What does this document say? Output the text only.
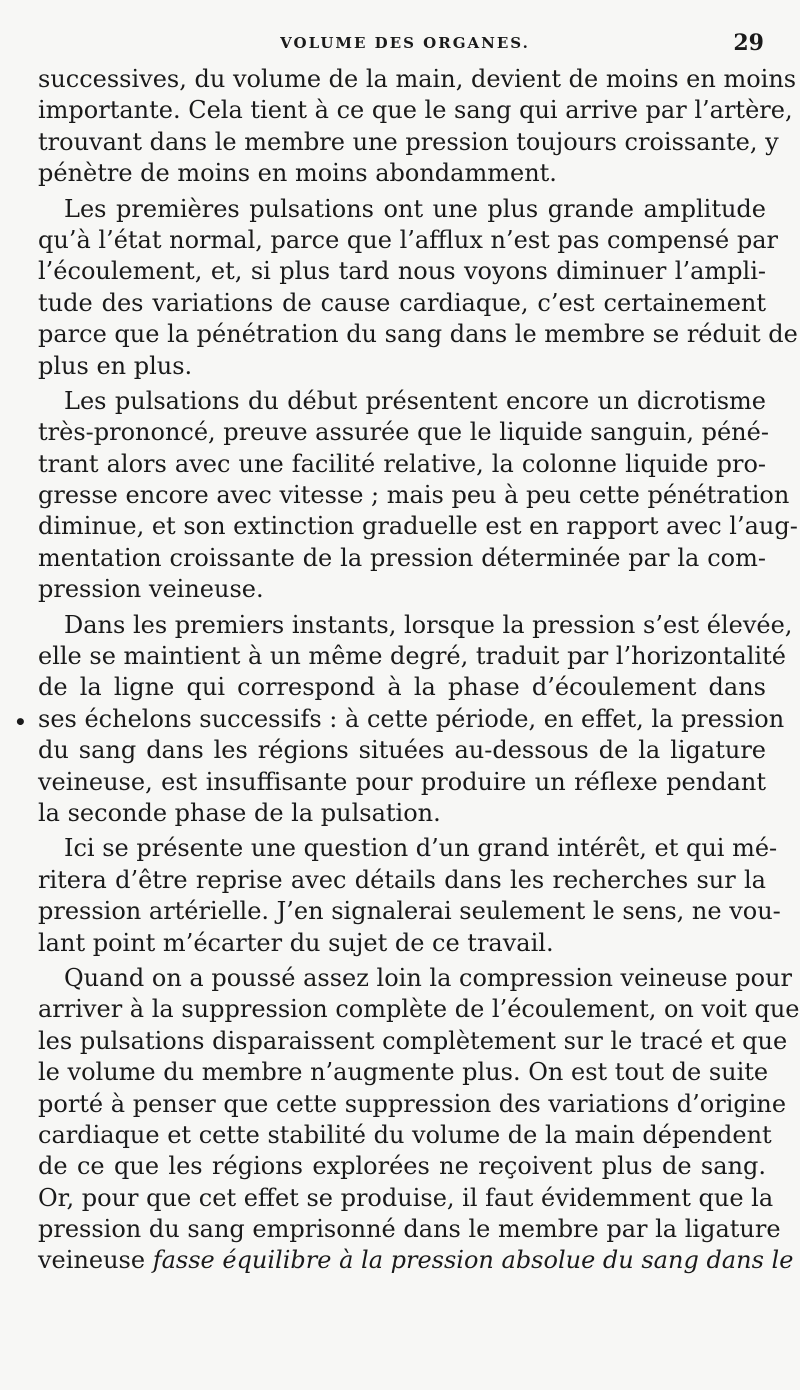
VOLUME DES ORGANES.	29
•
successives, du volume de la main, devient de moins en moins
importante. Cela tient à ce que le sang qui arrive par l’artère,
trouvant dans le membre une pression toujours croissante, y
pénètre de moins en moins abondamment.
Les premières pulsations ont une plus grande amplitude
qu’à l’état normal, parce que l’afflux n’est pas compensé par
l’écoulement, et, si plus tard nous voyons diminuer l’ampli-
tude des variations de cause cardiaque, c’est certainement
parce que la pénétration du sang dans le membre se réduit de
plus en plus.
Les pulsations du début présentent encore un dicrotisme
très-prononcé, preuve assurée que le liquide sanguin, péné-
trant alors avec une facilité relative, la colonne liquide pro-
gresse encore avec vitesse ; mais peu à peu cette pénétration
diminue, et son extinction graduelle est en rapport avec l’aug-
mentation croissante de la pression déterminée par la com-
pression veineuse.
Dans les premiers instants, lorsque la pression s’est élevée,
elle se maintient à un même degré, traduit par l’horizontalité
de la ligne qui correspond à la phase d’écoulement dans
ses échelons successifs : à cette période, en effet, la pression
du sang dans les régions situées au-dessous de la ligature
veineuse, est insuffisante pour produire un réflexe pendant
la seconde phase de la pulsation.
Ici se présente une question d’un grand intérêt, et qui mé-
ritera d’être reprise avec détails dans les recherches sur la
pression artérielle. J’en signalerai seulement le sens, ne vou-
lant point m’écarter du sujet de ce travail.
Quand on a poussé assez loin la compression veineuse pour
arriver à la suppression complète de l’écoulement, on voit que
les pulsations disparaissent complètement sur le tracé et que
le volume du membre n’augmente plus. On est tout de suite
porté à penser que cette suppression des variations d’origine
cardiaque et cette stabilité du volume de la main dépendent
de ce que les régions explorées ne reçoivent plus de sang.
Or, pour que cet effet se produise, il faut évidemment que la
pression du sang emprisonné dans le membre par la ligature
veineuse fasse équilibre à la pression absolue du sang dans le
